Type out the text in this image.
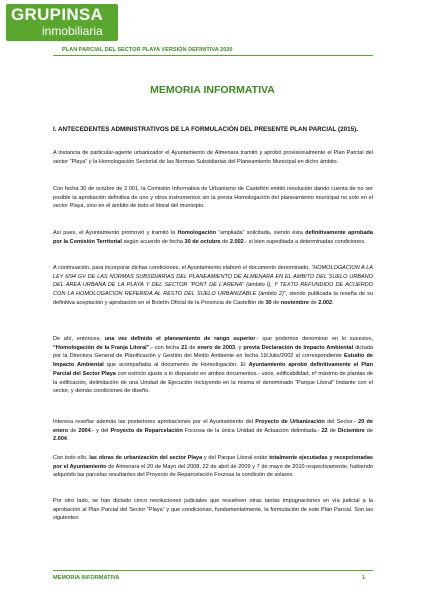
GRUPINSA
inmobiliaria
PLAN PARCIAL DEL SECTOR PLAYA VERSIÓN DEFINITIVA 2020
MEMORIA INFORMATIVA
I. ANTECEDENTES ADMINISTRATIVOS DE LA FORMULACIÓN DEL PRESENTE PLAN PARCIAL (2015).
A instancia de particular-agente urbanizador el Ayuntamiento de Almenara tramitó y aprobó provisionalmente el Plan Parcial del sector “Playa” y la Homologación Sectorial de las Normas Subsidiarias del Planeamiento Municipal en dicho ámbito.
Con fecha 30 de octubre de 2.001, la Comisión Informativa de Urbanismo de Castellón emitió resolución dando cuenta de no ser posible la aprobación definitiva de uno y otros instrumentos sin la previa Homologación del planeamiento municipal no solo en el sector Playa, sino en el ámbito de todo el litoral del municipio.
Así pues, el Ayuntamiento promovió y tramitó la Homologación “ampliada” solicitada, siendo ésta definitivamente aprobada por la Comisión Territorial según acuerdo de fecha 30 de octubre de 2.002.- si bien supeditada a determinadas condiciones.
A continuación, para incorporar dichas condiciones, el Ayuntamiento elaboró el documento denominado, “HOMOLOGACION A LA LEY 6/94 GV DE LAS NORMAS SUBSIDIARIAS DEL PLANEAMIENTO DE ALMENARA EN EL AMBITO DEL SUELO URBANO DEL AREA URBANA DE LA PLAYA Y DEL SECTOR “PONT DE L’ARENA” (ámbito I), Y TEXTO REFUNDIDO DE ACUERDO CON LA HOMOLOGACION REFERIDA AL RESTO DEL SUELO URBANIZABLE (ámbito 2)”, siendo publicada la reseña de su definitiva aceptación y aprobación en el Boletín Oficial de la Provincia de Castellón de 30 de noviembre de 2.002.
De ahí, entonces, una vez definido el planeamiento de rango superior.- que podemos denominar en lo sucesivo, “Homologación de la Franja Litoral”.- con fecha 21 de enero de 2003, y previa Declaración de Impacto Ambiental dictada por la Directora General de Planificación y Gestión del Medio Ambiente en fecha 19/Julio/2002 al correspondiente Estudio de Impacto Ambiental que acompañaba al documento de Homologación. El Ayuntamiento aprobó definitivamente el Plan Parcial del Sector Playa con estricto ajuste a lo dispuesto en ambos documentos.- usos, edificabilidad, nº máximo de plantas de la edificación, delimitación de una Unidad de Ejecución incluyendo en la misma el denominado “Parque Litoral” lindante con el sector, y demás condiciones de diseño.
Interesa reseñar además las posteriores aprobaciones por el Ayuntamiento del Proyecto de Urbanización del Sector.- 20 de enero de 2004.- y del Proyecto de Reparcelación Forzosa de la única Unidad de Actuación delimitada.- 22 de Diciembre de 2.004.
Con todo ello, las obras de urbanización del sector Playa y del Parque Litoral están totalmente ejecutadas y recepcionadas por el Ayuntamiento de Almenara el 20 de Mayo del 2008, 22 de abril de 2009 y 7 de mayo de 2010 respectivamente, habiendo adquirido las parcelas resultantes del Proyecto de Reparcelación Forzosa la condición de solares.
Por otro lado, se han dictado cinco resoluciones judiciales que resuelven otras tantas impugnaciones en vía judicial a la aprobación al Plan Parcial del Sector “Playa” y que condicionan, fundamentalmente, la formulación de este Plan Parcial. Son las siguientes:
MEMORIA INFORMATIVA	1
